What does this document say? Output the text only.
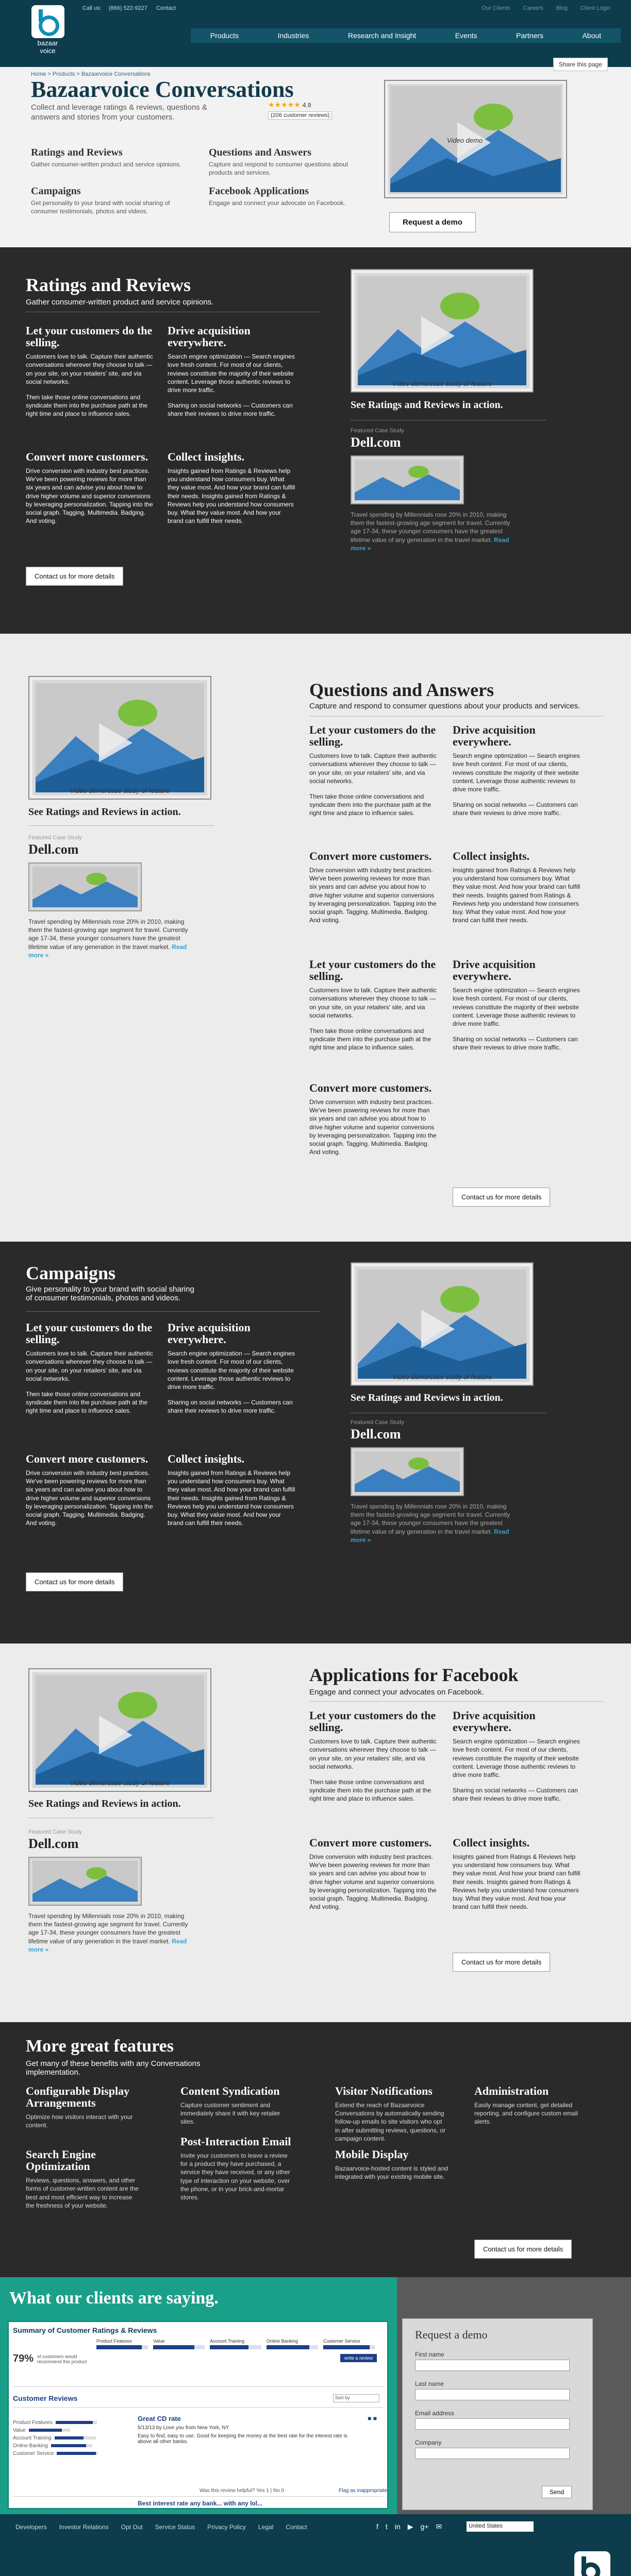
bazaar
voice
Call us: (866) 522-9227 Contact	Our Clients Careers Blog Client Login
Products	Industries	Research and Insight	Events	Partners	About
Home > Products > Bazaarvoice Conversations
Share this page
Bazaarvoice Conversations
Collect and leverage ratings & reviews, questions & answers and stories from your customers.
★★★★★ 4.9
(206 customer reviews)
Ratings and Reviews

Gather consumer-written product and service opinions.

Questions and Answers

Capture and respond to consumer questions about products and services.

Campaigns

Get personality to your brand with social sharing of consumer testimonials, photos and videos.

Facebook Applications

Engage and connect your advocate on Facebook.

Video demo
Request a demo
Ratings and Reviews
Gather consumer-written product and service opinions.
Let your customers do the selling.

Customers love to talk. Capture their authentic conversations wherever they choose to talk — on your site, on your retailers' site, and via social networks.

Then take those online conversations and syndicate them into the purchase path at the right time and place to influence sales.

Drive acquisition everywhere.

Search engine optimization — Search engines love fresh content. For most of our clients, reviews constitute the majority of their website content. Leverage those authentic reviews to drive more traffic.

Sharing on social networks — Customers can share their reviews to drive more traffic.

Convert more customers.

Drive conversion with industry best practices. We've been powering reviews for more than six years and can advise you about how to drive higher volume and superior conversions by leveraging personalization. Tapping into the social graph. Tagging. Multimedia. Badging. And voting.

Collect insights.

Insights gained from Ratings & Reviews help you understand how consumers buy. What they value most. And how your brand can fulfill their needs. Insights gained from Ratings & Reviews help you understand how consumers buy. What they value most. And how your brand can fulfill their needs.

Contact us for more details
Video demo/case study of feature
See Ratings and Reviews in action.
Featured Case Study
Dell.com
Travel spending by Millennials rose 20% in 2010, making them the fastest-growing age segment for travel. Currently age 17-34, these younger consumers have the greatest lifetime value of any generation in the travel market. Read more »
Video demo/case study of feature
See Ratings and Reviews in action.
Featured Case Study
Dell.com
Travel spending by Millennials rose 20% in 2010, making them the fastest-growing age segment for travel. Currently age 17-34, these younger consumers have the greatest lifetime value of any generation in the travel market. Read more »
Questions and Answers
Capture and respond to consumer questions about your products and services.
Let your customers do the selling.

Customers love to talk. Capture their authentic conversations wherever they choose to talk — on your site, on your retailers' site, and via social networks.

Then take those online conversations and syndicate them into the purchase path at the right time and place to influence sales.

Drive acquisition everywhere.

Search engine optimization — Search engines love fresh content. For most of our clients, reviews constitute the majority of their website content. Leverage those authentic reviews to drive more traffic.

Sharing on social networks — Customers can share their reviews to drive more traffic.

Convert more customers.

Drive conversion with industry best practices. We've been powering reviews for more than six years and can advise you about how to drive higher volume and superior conversions by leveraging personalization. Tapping into the social graph. Tagging. Multimedia. Badging. And voting.

Collect insights.

Insights gained from Ratings & Reviews help you understand how consumers buy. What they value most. And how your brand can fulfill their needs. Insights gained from Ratings & Reviews help you understand how consumers buy. What they value most. And how your brand can fulfill their needs.

Let your customers do the selling.

Customers love to talk. Capture their authentic conversations wherever they choose to talk — on your site, on your retailers' site, and via social networks.

Then take those online conversations and syndicate them into the purchase path at the right time and place to influence sales.

Drive acquisition everywhere.

Search engine optimization — Search engines love fresh content. For most of our clients, reviews constitute the majority of their website content. Leverage those authentic reviews to drive more traffic.

Sharing on social networks — Customers can share their reviews to drive more traffic.

Convert more customers.

Drive conversion with industry best practices. We've been powering reviews for more than six years and can advise you about how to drive higher volume and superior conversions by leveraging personalization. Tapping into the social graph. Tagging. Multimedia. Badging. And voting.

Contact us for more details
Campaigns
Give personality to your brand with social sharing of consumer testimonials, photos and videos.
Let your customers do the selling.

Customers love to talk. Capture their authentic conversations wherever they choose to talk — on your site, on your retailers' site, and via social networks.

Then take those online conversations and syndicate them into the purchase path at the right time and place to influence sales.

Drive acquisition everywhere.

Search engine optimization — Search engines love fresh content. For most of our clients, reviews constitute the majority of their website content. Leverage those authentic reviews to drive more traffic.

Sharing on social networks — Customers can share their reviews to drive more traffic.

Convert more customers.

Drive conversion with industry best practices. We've been powering reviews for more than six years and can advise you about how to drive higher volume and superior conversions by leveraging personalization. Tapping into the social graph. Tagging. Multimedia. Badging. And voting.

Collect insights.

Insights gained from Ratings & Reviews help you understand how consumers buy. What they value most. And how your brand can fulfill their needs. Insights gained from Ratings & Reviews help you understand how consumers buy. What they value most. And how your brand can fulfill their needs.

Contact us for more details
Video demo/case study of feature
See Ratings and Reviews in action.
Featured Case Study
Dell.com
Travel spending by Millennials rose 20% in 2010, making them the fastest-growing age segment for travel. Currently age 17-34, these younger consumers have the greatest lifetime value of any generation in the travel market. Read more »
Video demo/case study of feature
See Ratings and Reviews in action.
Featured Case Study
Dell.com
Travel spending by Millennials rose 20% in 2010, making them the fastest-growing age segment for travel. Currently age 17-34, these younger consumers have the greatest lifetime value of any generation in the travel market. Read more »
Applications for Facebook
Engage and connect your advocates on Facebook.
Let your customers do the selling.

Customers love to talk. Capture their authentic conversations wherever they choose to talk — on your site, on your retailers' site, and via social networks.

Then take those online conversations and syndicate them into the purchase path at the right time and place to influence sales.

Drive acquisition everywhere.

Search engine optimization — Search engines love fresh content. For most of our clients, reviews constitute the majority of their website content. Leverage those authentic reviews to drive more traffic.

Sharing on social networks — Customers can share their reviews to drive more traffic.

Convert more customers.

Drive conversion with industry best practices. We've been powering reviews for more than six years and can advise you about how to drive higher volume and superior conversions by leveraging personalization. Tapping into the social graph. Tagging. Multimedia. Badging. And voting.

Collect insights.

Insights gained from Ratings & Reviews help you understand how consumers buy. What they value most. And how your brand can fulfill their needs. Insights gained from Ratings & Reviews help you understand how consumers buy. What they value most. And how your brand can fulfill their needs.

Contact us for more details
More great features
Get many of these benefits with any Conversations implementation.
Configurable Display Arrangements

Optimize how visitors interact with your content.

Content Syndication

Capture customer sentiment and immediately share it with key retailer sites.

Visitor Notifications

Extend the reach of Bazaarvoice Conversations by automatically sending follow-up emails to site visitors who opt in after submitting reviews, questions, or campaign content.

Administration

Easily manage content, get detailed reporting, and configure custom email alerts.

Search Engine Optimization

Reviews, questions, answers, and other forms of customer-written content are the best and most efficient way to increase the freshness of your website.

Post-Interaction Email

Invite your customers to leave a review for a product they have purchased, a service they have received, or any other type of interaction on your website, over the phone, or in your brick-and-mortar stores.

Mobile Display

Bazaarvoice-hosted content is styled and integrated with your existing mobile site.

Contact us for more details
What our clients are saying.
Summary of Customer Ratings & Reviews
Product Features	Value	Account Training	Online Banking	Customer Service
79% of customers would recommend this product
write a review
Customer Reviews	Sort by
Great CD rate
5/13/13 by Love you from New York, NY
Easy to find, easy to use. Good for keeping the money at the best rate for the interest rate is above all other banks.
■ ■
Product Features
Value
Account Training
Online Banking
Customer Service
Was this review helpful? Yes 1 | No 0	Flag as inappropriate
Best interest rate any bank... with any lol...
Request a demo
First name
Last name
Email address
Company
Send
Developers Investor Relations Opt Out Service Status Privacy Policy Legal Contact	f t in ▶ g+ ✉	United States
